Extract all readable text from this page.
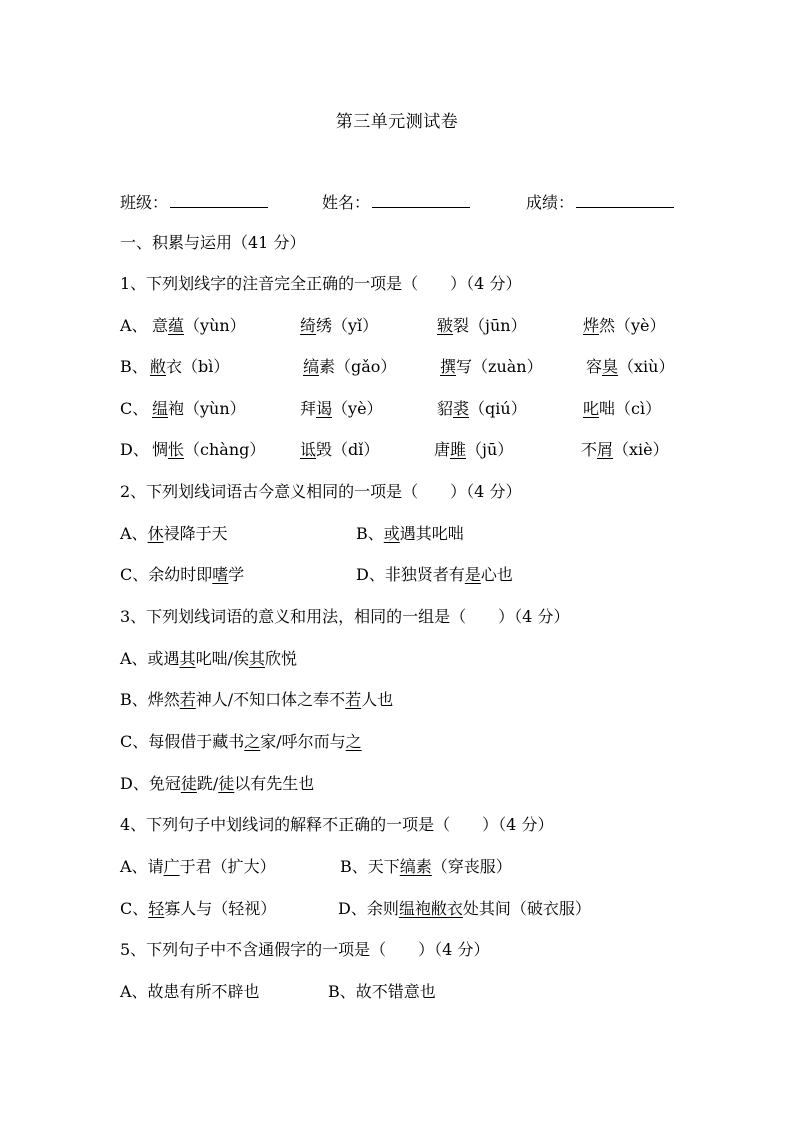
第三单元测试卷
班级：	姓名：	成绩：
一、积累与运用（41 分）
1、下列划线字的注音完全正确的一项是（　　）（4 分）
A、 意蕴（yùn）	绮绣（yǐ）	皲裂（jūn）	烨然（yè）
B、 敝衣（bì）	缟素（gǎo）	撰写（zuàn）	容臭（xiù）
C、 缊袍（yùn）	拜谒（yè）	貂裘（qiú）	叱咄（cì）
D、 惆怅（chàng） 诋毁（dǐ）	唐雎（jū）	不屑（xiè）
2、下列划线词语古今意义相同的一项是（　　）（4 分）
A、休祲降于天	B、或遇其叱咄
C、余幼时即嗜学	D、非独贤者有是心也
3、下列划线词语的意义和用法，相同的一组是（　　）（4 分）
A、或遇其叱咄/俟其欣悦
B、烨然若神人/不知口体之奉不若人也
C、每假借于藏书之家/呼尔而与之
D、免冠徒跣/徒以有先生也
4、下列句子中划线词的解释不正确的一项是（　　）（4 分）
A、请广于君（扩大）	B、天下缟素（穿丧服）
C、轻寡人与（轻视）	D、余则缊袍敝衣处其间（破衣服）
5、下列句子中不含通假字的一项是（　　）（4 分）
A、故患有所不辟也	B、故不错意也
